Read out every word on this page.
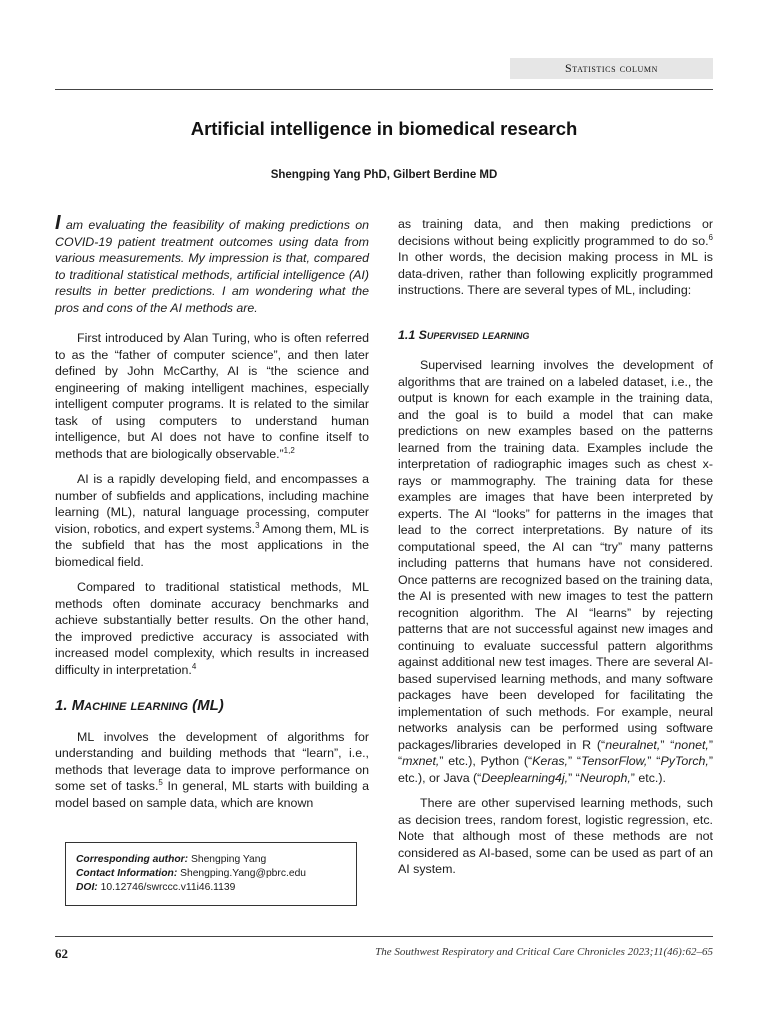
Statistics column
Artificial intelligence in biomedical research
Shengping Yang PhD, Gilbert Berdine MD

I am evaluating the feasibility of making predictions on COVID-19 patient treatment outcomes using data from various measurements. My impression is that, compared to traditional statistical methods, artificial intelligence (AI) results in better predictions. I am wondering what the pros and cons of the AI methods are.

First introduced by Alan Turing, who is often referred to as the “father of computer science”, and then later defined by John McCarthy, AI is “the science and engineering of making intelligent machines, especially intelligent computer programs. It is related to the similar task of using computers to understand human intelligence, but AI does not have to confine itself to methods that are biologically observable.”$^{1,2}$

AI is a rapidly developing field, and encompasses a number of subfields and applications, including machine learning (ML), natural language processing, computer vision, robotics, and expert systems.$^3$ Among them, ML is the subfield that has the most applications in the biomedical field.

Compared to traditional statistical methods, ML methods often dominate accuracy benchmarks and achieve substantially better results. On the other hand, the improved predictive accuracy is associated with increased model complexity, which results in increased difficulty in interpretation.$^4$

1. Machine learning (ML)

ML involves the development of algorithms for understanding and building methods that “learn”, i.e., methods that leverage data to improve performance on some set of tasks.$^5$ In general, ML starts with building a model based on sample data, which are known

Corresponding author: Shengping Yang
Contact Information: Shengping.Yang@pbrc.edu
DOI: 10.12746/swrccc.v11i46.1139

as training data, and then making predictions or decisions without being explicitly programmed to do so.$^6$ In other words, the decision making process in ML is data-driven, rather than following explicitly programmed instructions. There are several types of ML, including:

1.1 Supervised learning

Supervised learning involves the development of algorithms that are trained on a labeled dataset, i.e., the output is known for each example in the training data, and the goal is to build a model that can make predictions on new examples based on the patterns learned from the training data. Examples include the interpretation of radiographic images such as chest x-rays or mammography. The training data for these examples are images that have been interpreted by experts. The AI “looks” for patterns in the images that lead to the correct interpretations. By nature of its computational speed, the AI can “try” many patterns including patterns that humans have not considered. Once patterns are recognized based on the training data, the AI is presented with new images to test the pattern recognition algorithm. The AI “learns” by rejecting patterns that are not successful against new images and continuing to evaluate successful pattern algorithms against additional new test images. There are several AI-based supervised learning methods, and many software packages have been developed for facilitating the implementation of such methods. For example, neural networks analysis can be performed using software packages/libraries developed in R (“neuralnet,” “nonet,” “mxnet,” etc.), Python (“Keras,” “TensorFlow,” “PyTorch,” etc.), or Java (“Deeplearning4j,” “Neuroph,” etc.).

There are other supervised learning methods, such as decision trees, random forest, logistic regression, etc. Note that although most of these methods are not considered as AI-based, some can be used as part of an AI system.

62	The Southwest Respiratory and Critical Care Chronicles 2023;11(46):62–65
